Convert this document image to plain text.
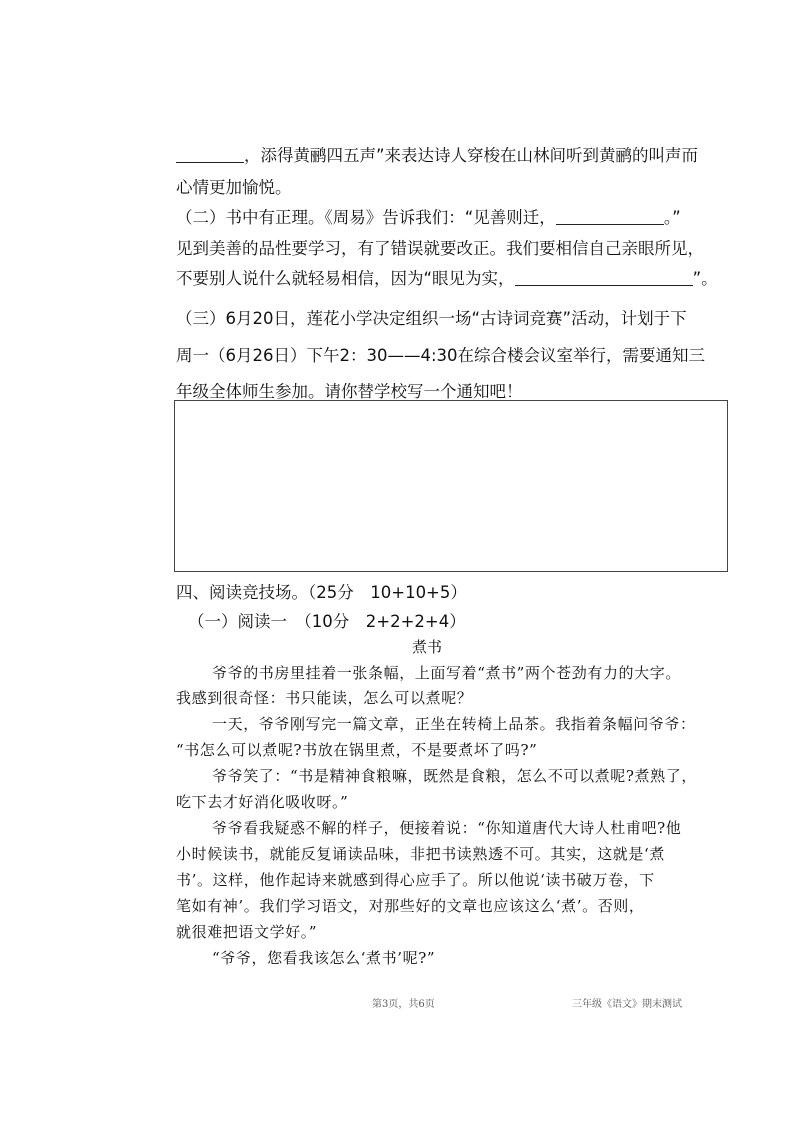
，添得黄鹂四五声”来表达诗人穿梭在山林间听到黄鹂的叫声而
心情更加愉悦。
（二）书中有正理。《周易》告诉我们：“见善则迁，	。”
见到美善的品性要学习，有了错误就要改正。我们要相信自己亲眼所见，
不要别人说什么就轻易相信，因为“眼见为实，	”。
（三）6月20日，莲花小学决定组织一场“古诗词竞赛”活动，计划于下
周一（6月26日）下午2：30——4:30在综合楼会议室举行，需要通知三
年级全体师生参加。请你替学校写一个通知吧！
四、阅读竞技场。（25分　10+10+5）
（一）阅读一　（10分　2+2+2+4）
煮书
爷爷的书房里挂着一张条幅，上面写着“煮书”两个苍劲有力的大字。
我感到很奇怪：书只能读，怎么可以煮呢？
一天，爷爷刚写完一篇文章，正坐在转椅上品茶。我指着条幅问爷爷：
“书怎么可以煮呢?书放在锅里煮，不是要煮坏了吗?”
爷爷笑了：“书是精神食粮嘛，既然是食粮，怎么不可以煮呢?煮熟了，
吃下去才好消化吸收呀。”
爷爷看我疑惑不解的样子，便接着说：“你知道唐代大诗人杜甫吧?他
小时候读书，就能反复诵读品味，非把书读熟透不可。其实，这就是‘煮
书’。这样，他作起诗来就感到得心应手了。所以他说‘读书破万卷，下
笔如有神’。我们学习语文，对那些好的文章也应该这么‘煮’。否则，
就很难把语文学好。”
“爷爷，您看我该怎么‘煮书’呢?”
第3页，共6页	三年级《语文》期末测试
